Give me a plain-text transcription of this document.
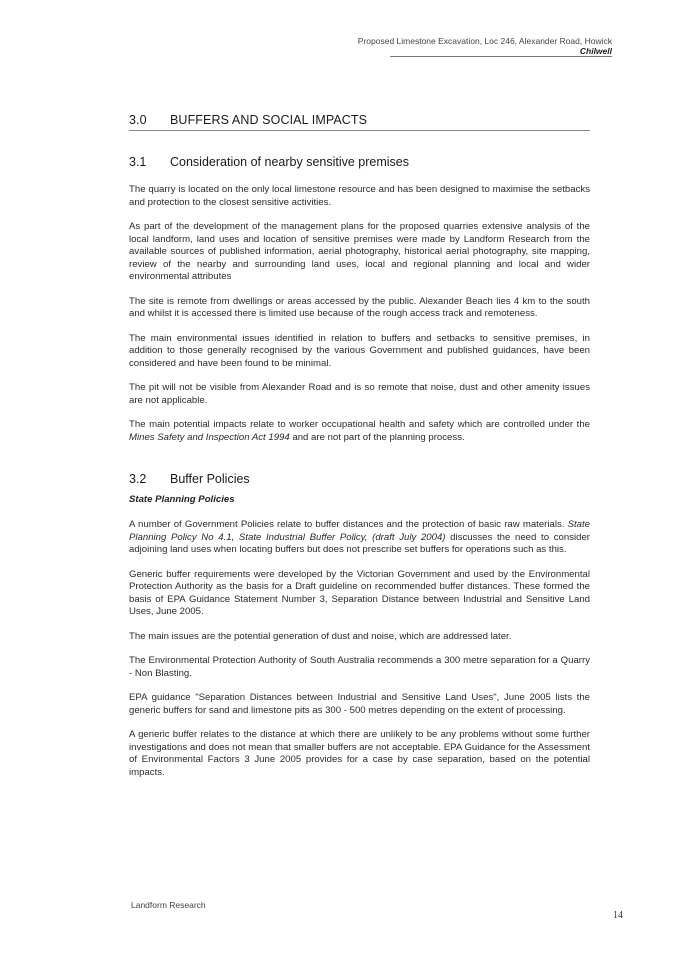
Proposed Limestone Excavation, Loc 246, Alexander Road, Howick
Chilwell
3.0 BUFFERS AND SOCIAL IMPACTS
3.1 Consideration of nearby sensitive premises

The quarry is located on the only local limestone resource and has been designed to maximise the setbacks and protection to the closest sensitive activities.

As part of the development of the management plans for the proposed quarries extensive analysis of the local landform, land uses and location of sensitive premises were made by Landform Research from the available sources of published information, aerial photography, historical aerial photography, site mapping, review of the nearby and surrounding land uses, local and regional planning and local and wider environmental attributes

The site is remote from dwellings or areas accessed by the public. Alexander Beach lies 4 km to the south and whilst it is accessed there is limited use because of the rough access track and remoteness.

The main environmental issues identified in relation to buffers and setbacks to sensitive premises, in addition to those generally recognised by the various Government and published guidances, have been considered and have been found to be minimal.

The pit will not be visible from Alexander Road and is so remote that noise, dust and other amenity issues are not applicable.

The main potential impacts relate to worker occupational health and safety which are controlled under the Mines Safety and Inspection Act 1994 and are not part of the planning process.

3.2 Buffer Policies
State Planning Policies

A number of Government Policies relate to buffer distances and the protection of basic raw materials. State Planning Policy No 4.1, State Industrial Buffer Policy, (draft July 2004) discusses the need to consider adjoining land uses when locating buffers but does not prescribe set buffers for operations such as this.

Generic buffer requirements were developed by the Victorian Government and used by the Environmental Protection Authority as the basis for a Draft guideline on recommended buffer distances. These formed the basis of EPA Guidance Statement Number 3, Separation Distance between Industrial and Sensitive Land Uses, June 2005.

The main issues are the potential generation of dust and noise, which are addressed later.

The Environmental Protection Authority of South Australia recommends a 300 metre separation for a Quarry - Non Blasting.

EPA guidance "Separation Distances between Industrial and Sensitive Land Uses", June 2005 lists the generic buffers for sand and limestone pits as 300 - 500 metres depending on the extent of processing.

A generic buffer relates to the distance at which there are unlikely to be any problems without some further investigations and does not mean that smaller buffers are not acceptable. EPA Guidance for the Assessment of Environmental Factors 3 June 2005 provides for a case by case separation, based on the potential impacts.

Landform Research
14
